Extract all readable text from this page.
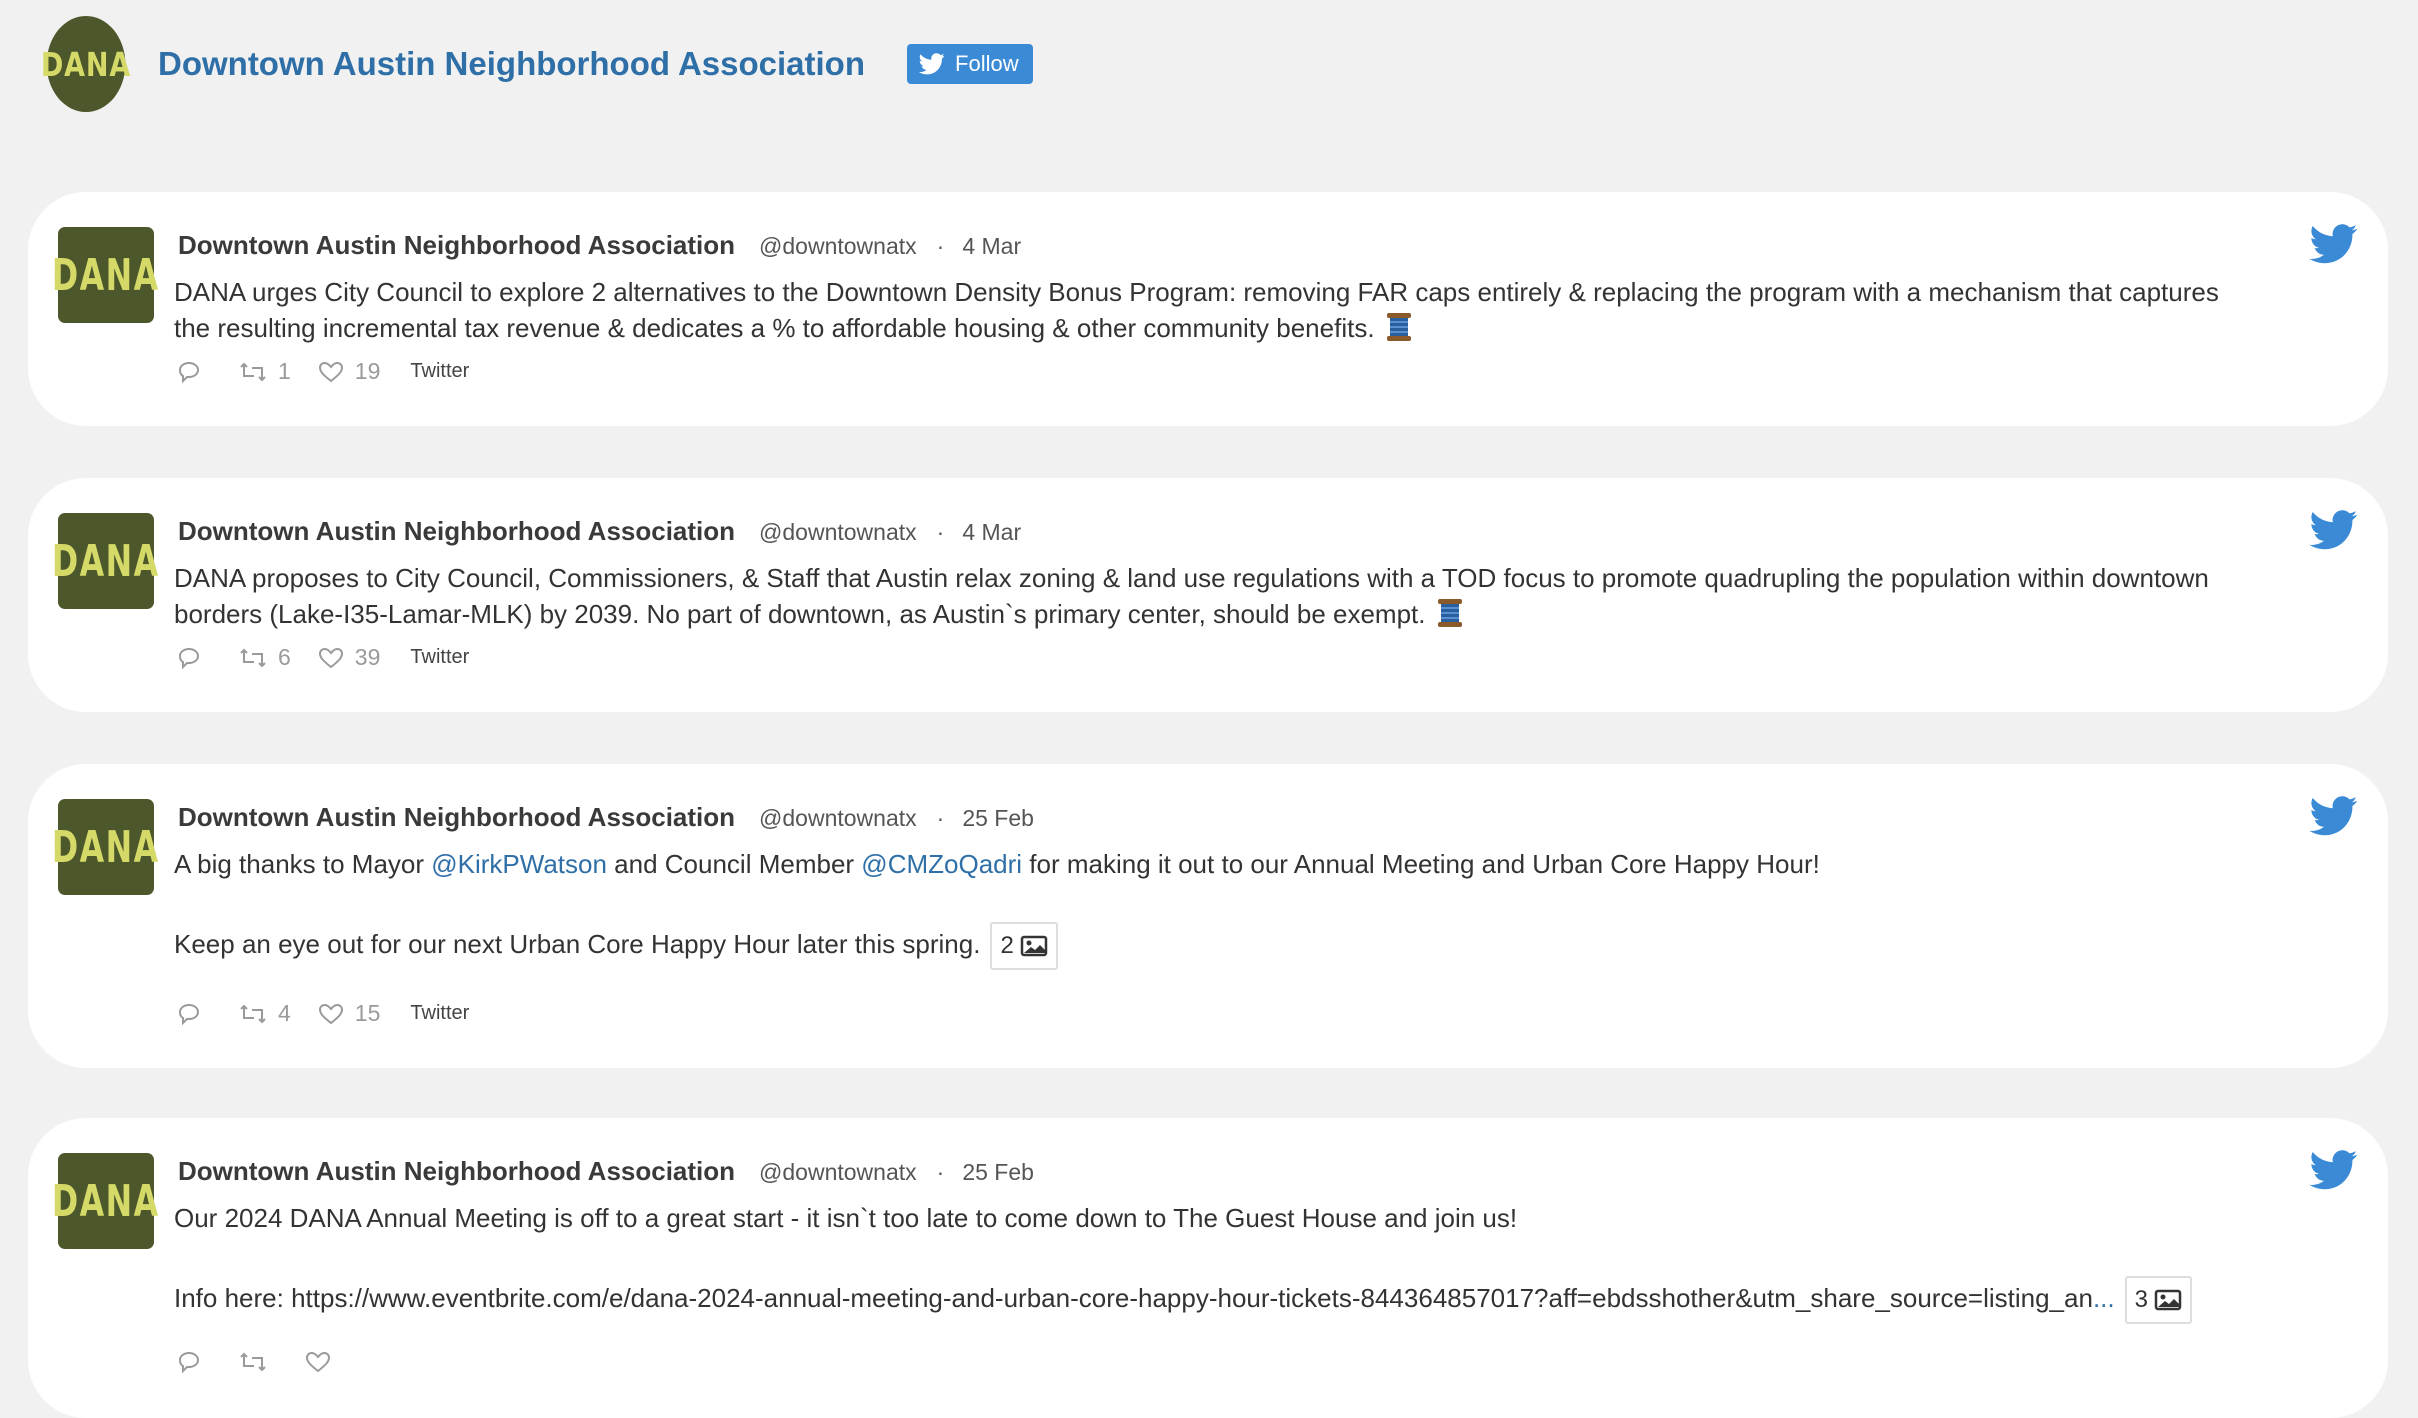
DANA Downtown Austin Neighborhood Association	Follow
DANA
Downtown Austin Neighborhood Association @downtownatx · 4 Mar

DANA urges City Council to explore 2 alternatives to the Downtown Density Bonus Program: removing FAR caps entirely & replacing the program with a mechanism that captures

the resulting incremental tax revenue & dedicates a % to affordable housing & other community benefits.

1	19 Twitter
DANA
Downtown Austin Neighborhood Association @downtownatx · 4 Mar

DANA proposes to City Council, Commissioners, & Staff that Austin relax zoning & land use regulations with a TOD focus to promote quadrupling the population within downtown

borders (Lake-I35-Lamar-MLK) by 2039. No part of downtown, as Austin`s primary center, should be exempt.

6	39 Twitter
DANA
Downtown Austin Neighborhood Association @downtownatx · 25 Feb

A big thanks to Mayor @KirkPWatson and Council Member @CMZoQadri for making it out to our Annual Meeting and Urban Core Happy Hour!

Keep an eye out for our next Urban Core Happy Hour later this spring. 2

4	15 Twitter
DANA
Downtown Austin Neighborhood Association @downtownatx · 25 Feb

Our 2024 DANA Annual Meeting is off to a great start - it isn`t too late to come down to The Guest House and join us!

Info here: https://www.eventbrite.com/e/dana-2024-annual-meeting-and-urban-core-happy-hour-tickets-844364857017?aff=ebdsshother&utm_share_source=listing_an... 3
